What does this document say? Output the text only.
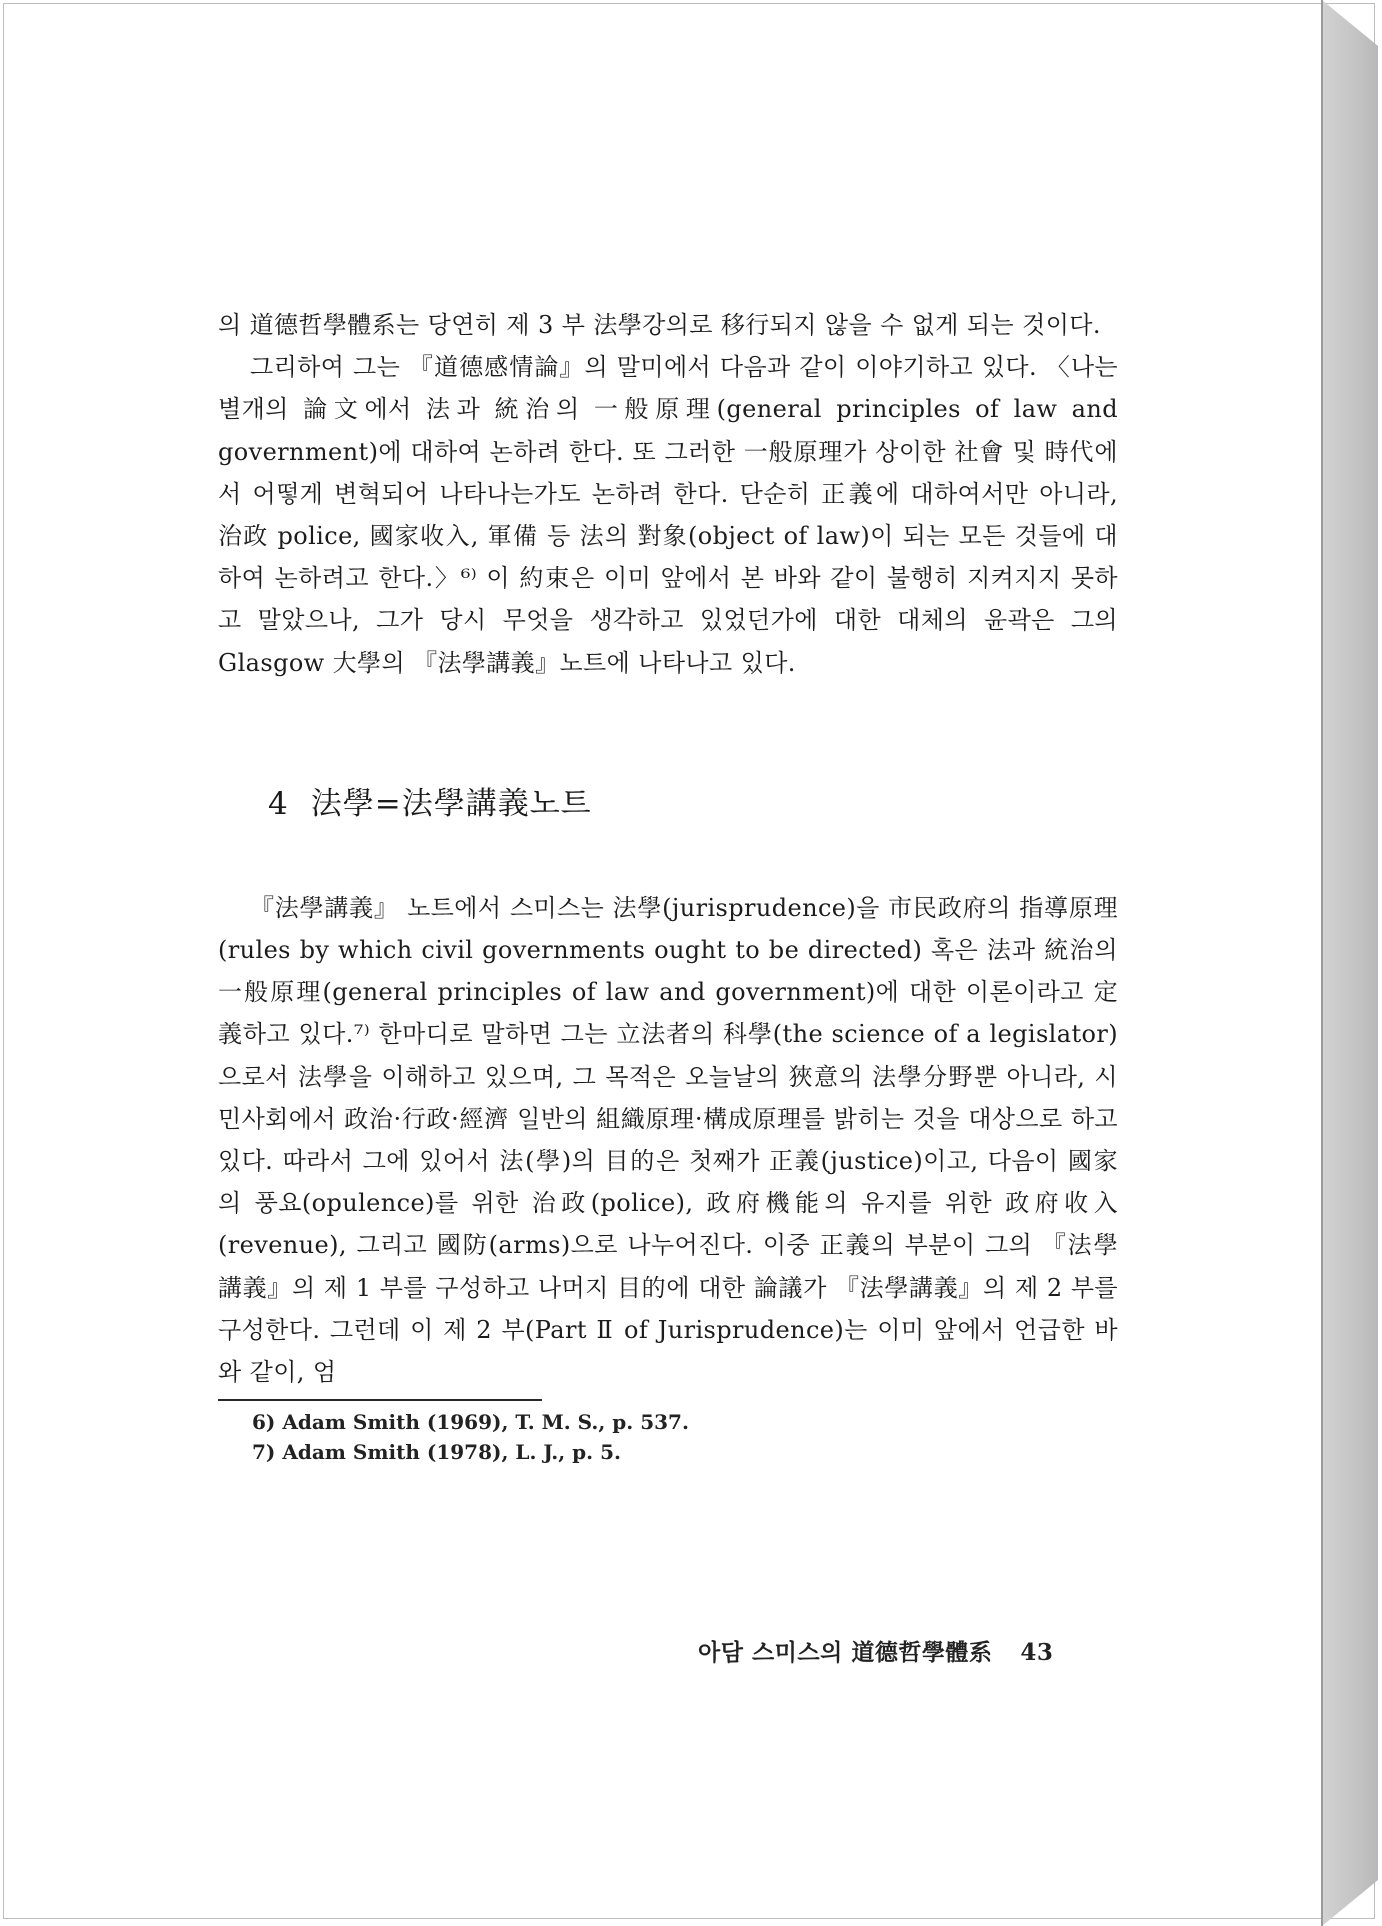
의 道德哲學體系는 당연히 제 3 부 法學강의로 移行되지 않을 수 없게 되는 것이다.

그리하여 그는 『道德感情論』의 말미에서 다음과 같이 이야기하고 있다. 〈나는 별개의 論文에서 法과 統治의 一般原理(general principles of law and government)에 대하여 논하려 한다. 또 그러한 一般原理가 상이한 社會 및 時代에서 어떻게 변혁되어 나타나는가도 논하려 한다. 단순히 正義에 대하여서만 아니라, 治政 police, 國家收入, 軍備 등 法의 對象(object of law)이 되는 모든 것들에 대하여 논하려고 한다.〉⁶⁾ 이 約束은 이미 앞에서 본 바와 같이 불행히 지켜지지 못하고 말았으나, 그가 당시 무엇을 생각하고 있었던가에 대한 대체의 윤곽은 그의 Glasgow 大學의 『法學講義』노트에 나타나고 있다.

4 法學=法學講義노트

『法學講義』 노트에서 스미스는 法學(jurisprudence)을 市民政府의 指導原理(rules by which civil governments ought to be directed) 혹은 法과 統治의 一般原理(general principles of law and government)에 대한 이론이라고 定義하고 있다.⁷⁾ 한마디로 말하면 그는 立法者의 科學(the science of a legislator)으로서 法學을 이해하고 있으며, 그 목적은 오늘날의 狹意의 法學分野뿐 아니라, 시민사회에서 政治·行政·經濟 일반의 組織原理·構成原理를 밝히는 것을 대상으로 하고 있다. 따라서 그에 있어서 法(學)의 目的은 첫째가 正義(justice)이고, 다음이 國家의 풍요(opulence)를 위한 治政(police), 政府機能의 유지를 위한 政府收入(revenue), 그리고 國防(arms)으로 나누어진다. 이중 正義의 부분이 그의 『法學講義』의 제 1 부를 구성하고 나머지 目的에 대한 論議가 『法學講義』의 제 2 부를 구성한다. 그런데 이 제 2 부(Part Ⅱ of Jurisprudence)는 이미 앞에서 언급한 바와 같이, 엄

6) Adam Smith (1969), T. M. S., p. 537.

7) Adam Smith (1978), L. J., p. 5.

아담 스미스의 道德哲學體系 43
